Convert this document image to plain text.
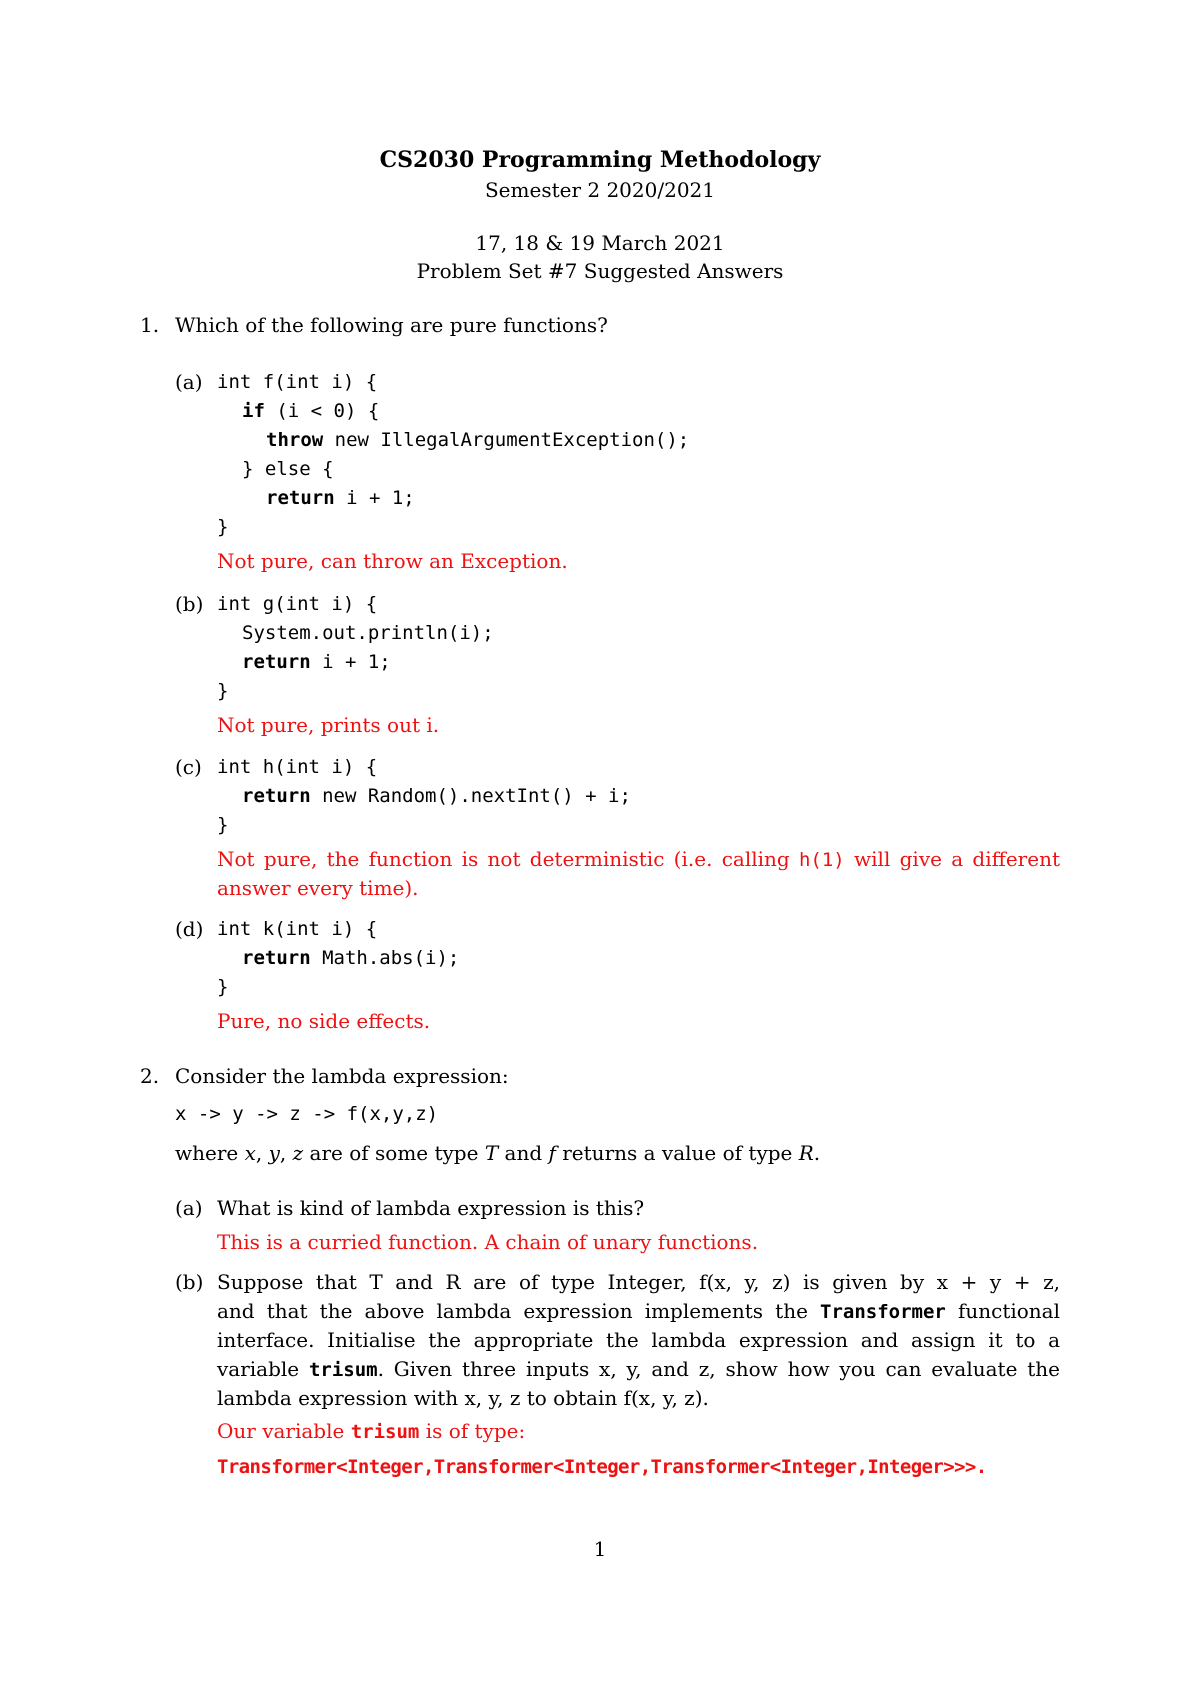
CS2030 Programming Methodology
Semester 2 2020/2021
17, 18 & 19 March 2021
Problem Set #7 Suggested Answers
1. Which of the following are pure functions?
(a) int f(int i) {
if (i < 0) {
throw new IllegalArgumentException();
} else {
return i + 1;
}
Not pure, can throw an Exception.
(b) int g(int i) {
System.out.println(i);
return i + 1;
}
Not pure, prints out i.
(c) int h(int i) {
return new Random().nextInt() + i;
}
Not pure, the function is not deterministic (i.e. calling h(1) will give a different
answer every time).
(d) int k(int i) {
return Math.abs(i);
}
Pure, no side effects.
2. Consider the lambda expression:
x -> y -> z -> f(x,y,z)
where x, y, z are of some type T and f returns a value of type R.
(a) What is kind of lambda expression is this?
This is a curried function. A chain of unary functions.
(b) Suppose that T and R are of type Integer, f(x, y, z) is given by x + y + z,
and that the above lambda expression implements the Transformer functional
interface. Initialise the appropriate the lambda expression and assign it to a
variable trisum. Given three inputs x, y, and z, show how you can evaluate the
lambda expression with x, y, z to obtain f(x, y, z).
Our variable trisum is of type:
Transformer<Integer,Transformer<Integer,Transformer<Integer,Integer>>>.
1
